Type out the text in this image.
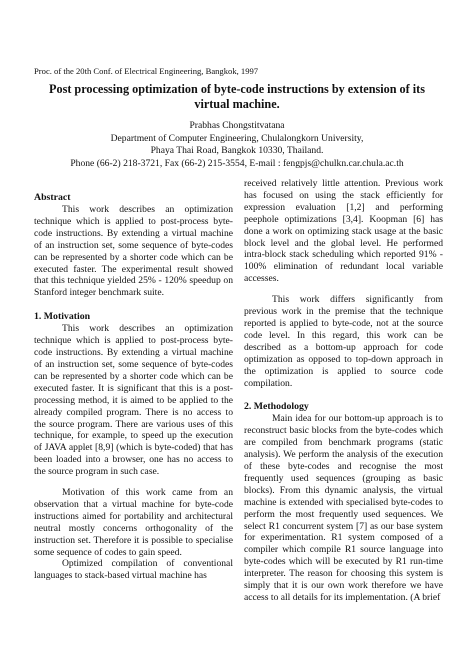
Proc. of the 20th Conf. of Electrical Engineering, Bangkok, 1997
Post processing optimization of byte-code instructions by extension of its virtual machine.
Prabhas Chongstitvatana
Department of Computer Engineering, Chulalongkorn University,
Phaya Thai Road, Bangkok 10330, Thailand.
Phone (66-2) 218-3721, Fax (66-2) 215-3554, E-mail : fengpjs@chulkn.car.chula.ac.th
Abstract

This work describes an optimization technique which is applied to post-process byte-code instructions. By extending a virtual machine of an instruction set, some sequence of byte-codes can be represented by a shorter code which can be executed faster. The experimental result showed that this technique yielded 25% - 120% speedup on Stanford integer benchmark suite.

1. Motivation

This work describes an optimization technique which is applied to post-process byte-code instructions. By extending a virtual machine of an instruction set, some sequence of byte-codes can be represented by a shorter code which can be executed faster. It is significant that this is a post-processing method, it is aimed to be applied to the already compiled program. There is no access to the source program. There are various uses of this technique, for example, to speed up the execution of JAVA applet [8,9] (which is byte-coded) that has been loaded into a browser, one has no access to the source program in such case.

Motivation of this work came from an observation that a virtual machine for byte-code instructions aimed for portability and architectural neutral mostly concerns orthogonality of the instruction set. Therefore it is possible to specialise some sequence of codes to gain speed.

Optimized compilation of conventional languages to stack-based virtual machine has

received relatively little attention. Previous work has focused on using the stack efficiently for expression evaluation [1,2] and performing peephole optimizations [3,4]. Koopman [6] has done a work on optimizing stack usage at the basic block level and the global level. He performed intra-block stack scheduling which reported 91% - 100% elimination of redundant local variable accesses.

This work differs significantly from previous work in the premise that the technique reported is applied to byte-code, not at the source code level. In this regard, this work can be described as a bottom-up approach for code optimization as opposed to top-down approach in the optimization is applied to source code compilation.

2. Methodology

Main idea for our bottom-up approach is to reconstruct basic blocks from the byte-codes which are compiled from benchmark programs (static analysis). We perform the analysis of the execution of these byte-codes and recognise the most frequently used sequences (grouping as basic blocks). From this dynamic analysis, the virtual machine is extended with specialised byte-codes to perform the most frequently used sequences. We select R1 concurrent system [7] as our base system for experimentation. R1 system composed of a compiler which compile R1 source language into byte-codes which will be executed by R1 run-time interpreter. The reason for choosing this system is simply that it is our own work therefore we have access to all details for its implementation. (A brief
